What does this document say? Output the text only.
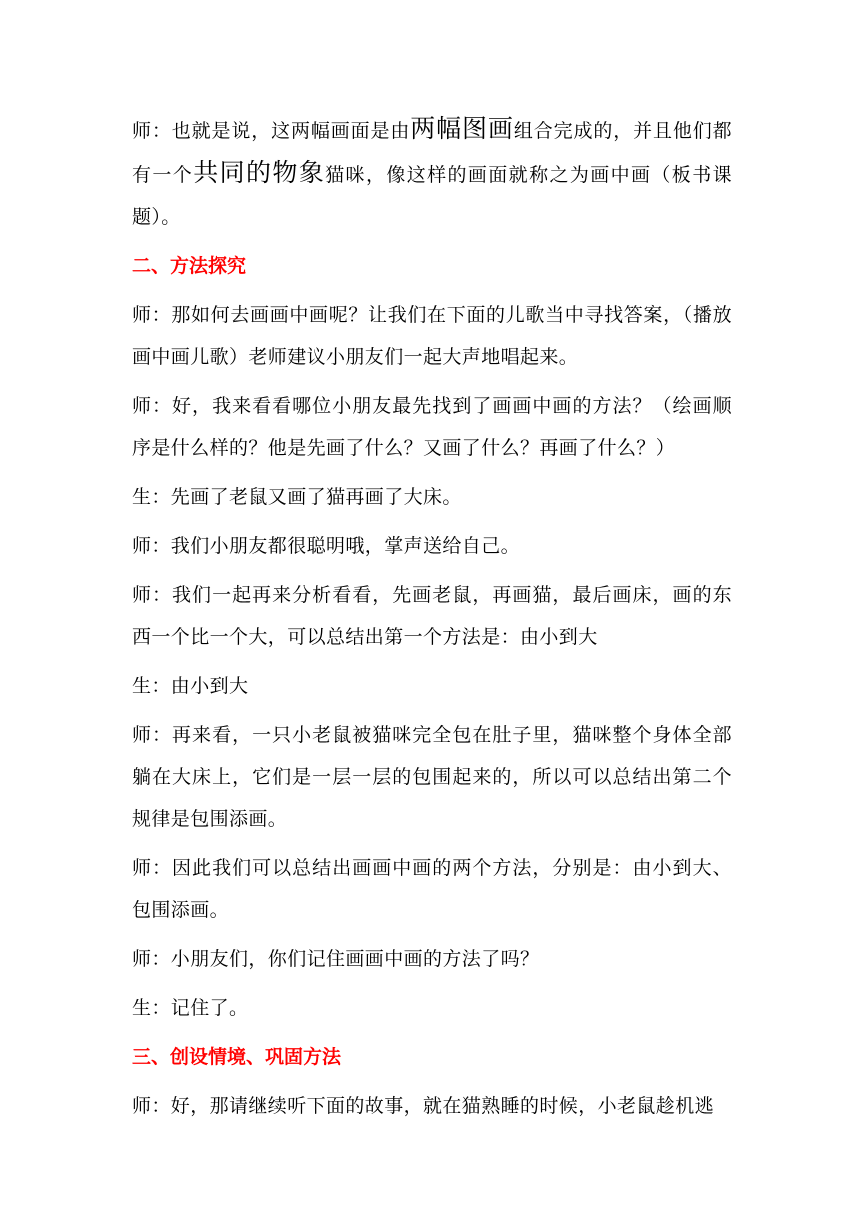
师：也就是说，这两幅画面是由两幅图画组合完成的，并且他们都有一个共同的物象猫咪，像这样的画面就称之为画中画（板书课题）。

二、方法探究

师：那如何去画画中画呢？让我们在下面的儿歌当中寻找答案，（播放画中画儿歌）老师建议小朋友们一起大声地唱起来。

师：好，我来看看哪位小朋友最先找到了画画中画的方法？（绘画顺序是什么样的？他是先画了什么？又画了什么？再画了什么？）

生：先画了老鼠又画了猫再画了大床。

师：我们小朋友都很聪明哦，掌声送给自己。

师：我们一起再来分析看看，先画老鼠，再画猫，最后画床，画的东西一个比一个大，可以总结出第一个方法是：由小到大

生：由小到大

师：再来看，一只小老鼠被猫咪完全包在肚子里，猫咪整个身体全部躺在大床上，它们是一层一层的包围起来的，所以可以总结出第二个规律是包围添画。

师：因此我们可以总结出画画中画的两个方法，分别是：由小到大、包围添画。

师：小朋友们，你们记住画画中画的方法了吗？

生：记住了。

三、创设情境、巩固方法

师：好，那请继续听下面的故事，就在猫熟睡的时候，小老鼠趁机逃
